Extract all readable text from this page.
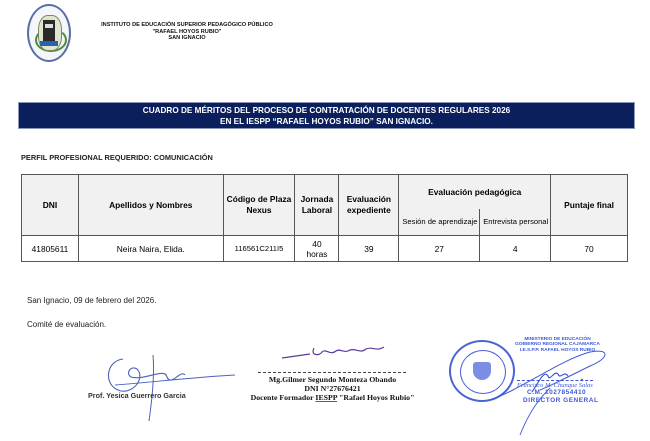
INSTITUTO DE EDUCACIÓN SUPERIOR PEDAGÓGICO PÚBLICO
"RAFAEL HOYOS RUBIO"
SAN IGNACIO
CUADRO DE MÉRITOS DEL PROCESO DE CONTRATACIÓN DE DOCENTES REGULARES 2026
EN EL IESPP “RAFAEL HOYOS RUBIO” SAN IGNACIO.
PERFIL PROFESIONAL REQUERIDO: COMUNICACIÓN
DNI	Apellidos y Nombres	Código de Plaza Nexus	Jornada Laboral	Evaluación expediente	Evaluación pedagógica		Puntaje final
					Sesión de aprendizaje	Entrevista personal	
41805611	Neira Naira, Elida.	116561C211I5	40 horas	39	27	4	70
San Ignacio, 09 de febrero del 2026.
Comité de evaluación.
Prof. Yesica Guerrero Garcia
Mg.Gilmer Segundo Monteza Obando
DNI N°27676421
Docente Formador IESPP "Rafael Hoyos Rubio"
MINISTERIO DE EDUCACIÓN
GOBIERNO REGIONAL CAJAMARCA
I.E.S.P.P. RAFAEL HOYOS RUBIO
Francisco M. Chunque Salas
C.M. 1027854410
DIRECTOR GENERAL
